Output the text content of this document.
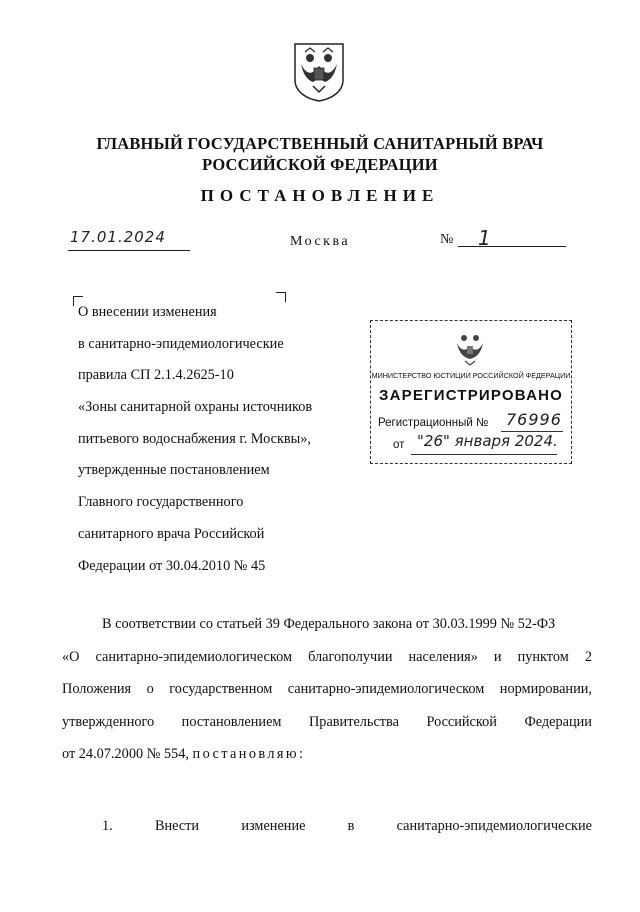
ГЛАВНЫЙ ГОСУДАРСТВЕННЫЙ САНИТАРНЫЙ ВРАЧ
РОССИЙСКОЙ ФЕДЕРАЦИИ
ПОСТАНОВЛЕНИЕ
17.01.2024	Москва	№ 1
О внесении изменения
в санитарно-эпидемиологические
правила СП 2.1.4.2625-10
«Зоны санитарной охраны источников
питьевого водоснабжения г. Москвы»,
утвержденные постановлением
Главного государственного
санитарного врача Российской
Федерации от 30.04.2010 № 45
МИНИСТЕРСТВО ЮСТИЦИИ РОССИЙСКОЙ ФЕДЕРАЦИИ
ЗАРЕГИСТРИРОВАНО
Регистрационный № 76996
от "26" января 2024.
В соответствии со статьей 39 Федерального закона от 30.03.1999 № 52-ФЗ
«О санитарно-эпидемиологическом благополучии населения» и пунктом 2
Положения о государственном санитарно-эпидемиологическом нормировании,
утвержденного постановлением Правительства Российской Федерации
от 24.07.2000 № 554, постановляю:
1.	Внести	изменение	в	санитарно-эпидемиологические
